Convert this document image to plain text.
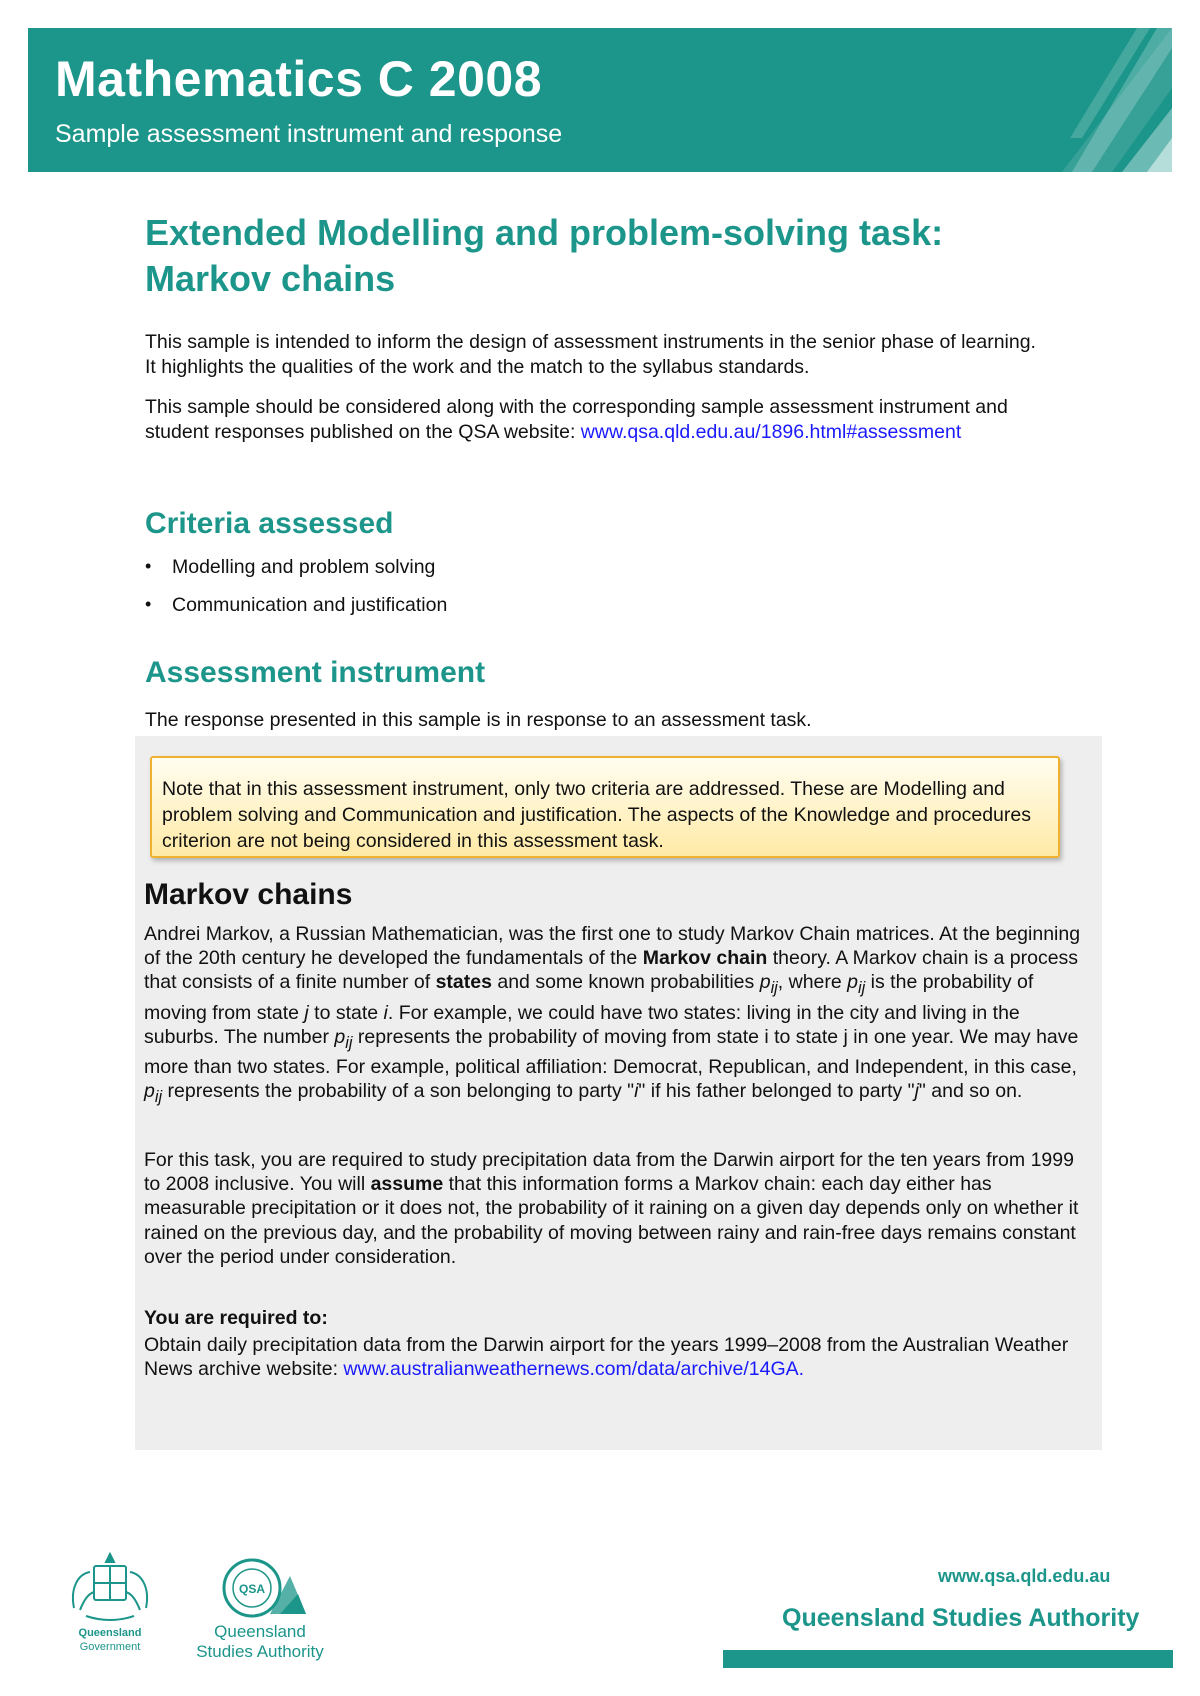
Mathematics C 2008
Sample assessment instrument and response
Extended Modelling and problem-solving task:
Markov chains

This sample is intended to inform the design of assessment instruments in the senior phase of learning. It highlights the qualities of the work and the match to the syllabus standards.

This sample should be considered along with the corresponding sample assessment instrument and student responses published on the QSA website: www.qsa.qld.edu.au/1896.html#assessment

Criteria assessed
•	Modelling and problem solving
•	Communication and justification
Assessment instrument

The response presented in this sample is in response to an assessment task.

Note that in this assessment instrument, only two criteria are addressed. These are Modelling and problem solving and Communication and justification. The aspects of the Knowledge and procedures criterion are not being considered in this assessment task.
Markov chains

Andrei Markov, a Russian Mathematician, was the first one to study Markov Chain matrices. At the beginning of the 20th century he developed the fundamentals of the Markov chain theory. A Markov chain is a process that consists of a finite number of states and some known probabilities $p_{ij}$, where $p_{ij}$ is the probability of moving from state j to state i. For example, we could have two states: living in the city and living in the suburbs. The number $p_{ij}$ represents the probability of moving from state i to state j in one year. We may have more than two states. For example, political affiliation: Democrat, Republican, and Independent, in this case, $p_{ij}$ represents the probability of a son belonging to party "i" if his father belonged to party "j" and so on.

For this task, you are required to study precipitation data from the Darwin airport for the ten years from 1999 to 2008 inclusive. You will assume that this information forms a Markov chain: each day either has measurable precipitation or it does not, the probability of it raining on a given day depends only on whether it rained on the previous day, and the probability of moving between rainy and rain-free days remains constant over the period under consideration.

You are required to:

Obtain daily precipitation data from the Darwin airport for the years 1999–2008 from the Australian Weather News archive website: www.australianweathernews.com/data/archive/14GA.

Queensland
Government
QSA
Queensland
Studies Authority
www.qsa.qld.edu.au
Queensland Studies Authority
